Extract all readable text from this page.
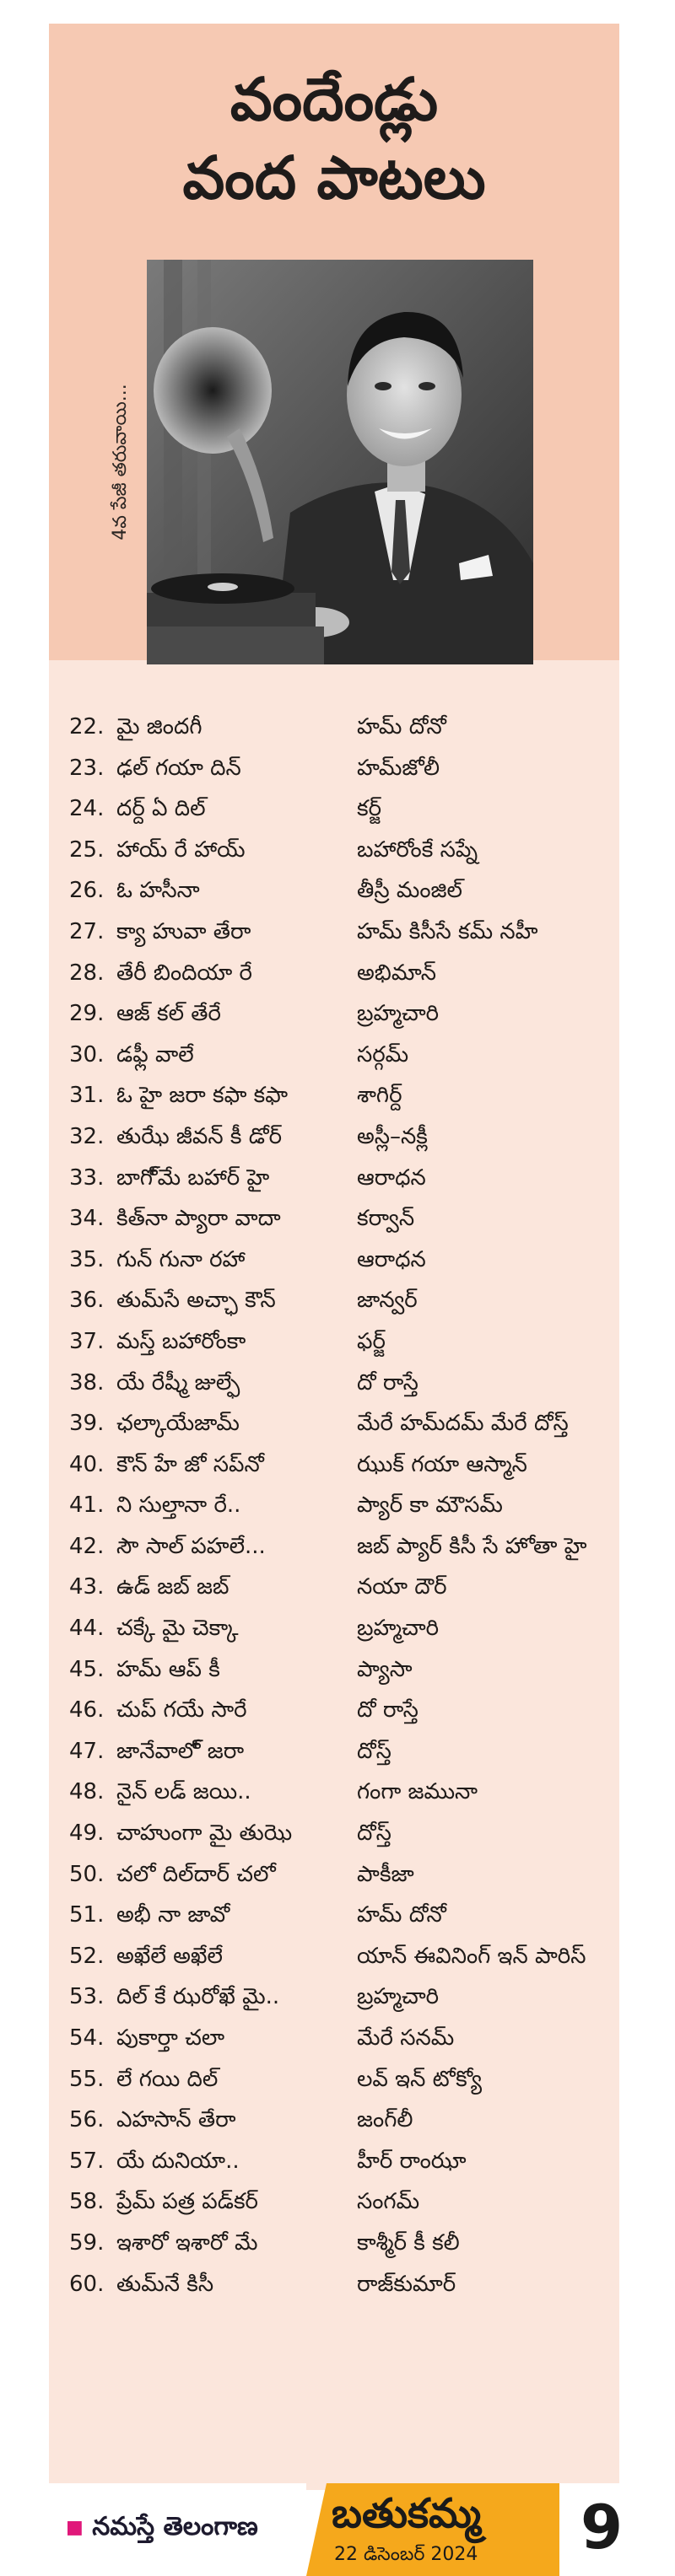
వందేండ్లు
వంద పాటలు
4వ పేజీ తరువాయి...
22. మై జిందగీ	హమ్ దోనో
23. ఢల్ గయా దిన్	హమ్‌జోలీ
24. దర్ద్ ఏ దిల్	కర్జ్
25. హాయ్ రే హాయ్	బహారోంకే సప్నే
26. ఓ హసీనా	తీస్రీ మంజిల్
27. క్యా హువా తేరా	హమ్ కిసీసే కమ్ నహీ
28. తేరీ బిందియా రే	అభిమాన్
29. ఆజ్ కల్ తేరే	బ్రహ్మచారి
30. డఫ్లీ వాలే	సర్గమ్
31. ఓ హై జరా కఫా కఫా	శాగిర్ద్
32. తుఝే జీవన్ కీ డోర్	అస్లీ–నక్లీ
33. బాగో్‌మే బహార్ హై	ఆరాధన
34. కిత్‌నా ప్యారా వాదా	కర్వాన్
35. గున్ గునా రహా	ఆరాధన
36. తుమ్‌సే అచ్ఛా కౌన్	జాన్వర్
37. మస్త్ బహారోంకా	ఫర్జ్
38. యే రేష్మీ జుల్ఫే	దో రాస్తే
39. ఛల్కాయేజామ్	మేరే హమ్‌దమ్ మేరే దోస్త్
40. కౌన్ హే జో సప్‌నో	ఝుక్ గయా ఆస్మాన్
41. ని సుల్తానా రే..	ప్యార్ కా మౌసమ్
42. సౌ సాల్ పహలే...	జబ్ ప్యార్ కిసీ సే హోతా హై
43. ఉడ్ జబ్ జబ్	నయా దౌర్
44. చక్కే మై చెక్కా	బ్రహ్మచారి
45. హమ్ ఆప్ కీ	ప్యాసా
46. చుప్ గయే సారే	దో రాస్తే
47. జానేవాలో్ జరా	దోస్త్
48. నైన్ లడ్ జయి..	గంగా జమునా
49. చాహుంగా మై తుఝె	దోస్త్
50. చలో దిల్‌దార్ చలో	పాకీజా
51. అభీ నా జావో	హమ్ దోనో
52. అఖేలే అఖేలే	యాన్ ఈవినింగ్ ఇన్ పారిస్
53. దిల్ కే ఝరోఖే మై..	బ్రహ్మచారి
54. పుకార్తా చలా	మేరే సనమ్
55. లే గయి దిల్	లవ్ ఇన్ టోక్యో
56. ఎహసాన్ తేరా	జంగ్‌లీ
57. యే దునియా..	హీర్ రాంఝా
58. ప్రేమ్ పత్ర పడ్‌కర్	సంగమ్
59. ఇశారో ఇశారో మే	కాశ్మీర్ కీ కలీ
60. తుమ్‌నే కిసీ	రాజ్‌కుమార్
■ నమస్తే తెలంగాణ బతుకమ్మ
22 డిసెంబర్ 2024 9
